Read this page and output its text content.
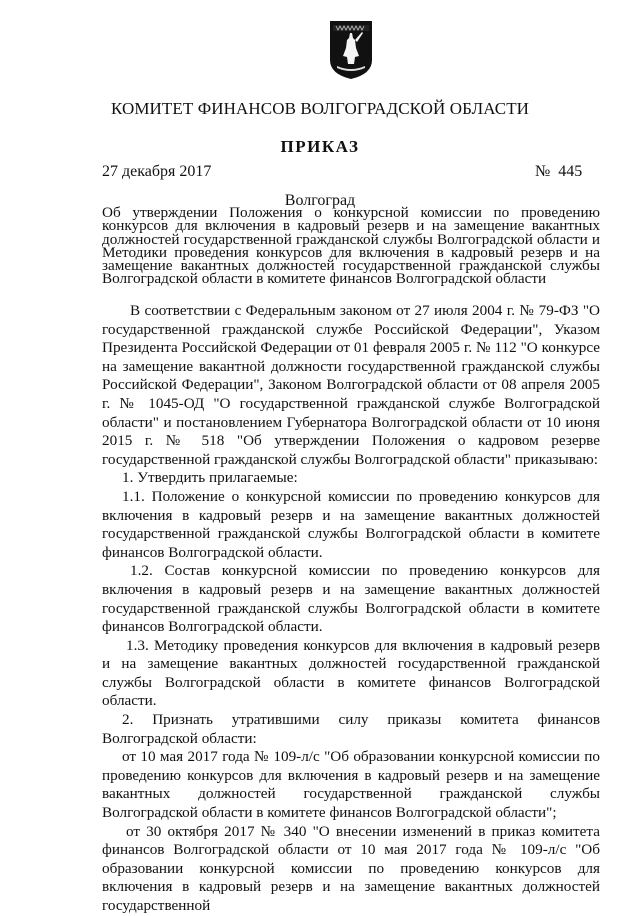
КОМИТЕТ ФИНАНСОВ ВОЛГОГРАДСКОЙ ОБЛАСТИ
ПРИКАЗ
27 декабря 2017	№  445
Волгоград
Об утверждении Положения о конкурсной комиссии по проведению конкурсов для включения в кадровый резерв и на замещение вакантных должностей государственной гражданской службы Волгоградской области и Методики проведения конкурсов для включения в кадровый резерв и на замещение вакантных должностей государственной гражданской службы Волгоградской области в комитете финансов Волгоградской области

В соответствии с Федеральным законом от 27 июля 2004 г. № 79-ФЗ "О государственной гражданской службе Российской Федерации", Указом Президента Российской Федерации от 01 февраля 2005 г. № 112 "О конкурсе на замещение вакантной должности государственной гражданской службы Российской Федерации", Законом Волгоградской области от 08 апреля 2005 г. № 1045-ОД "О государственной гражданской службе Волгоградской области" и постановлением Губернатора Волгоградской области от 10 июня 2015 г. № 518 "Об утверждении Положения о кадровом резерве государственной гражданской службы Волгоградской области" приказываю:

1. Утвердить прилагаемые:

1.1. Положение о конкурсной комиссии по проведению конкурсов для включения в кадровый резерв и на замещение вакантных должностей государственной гражданской службы Волгоградской области в комитете финансов Волгоградской области.

1.2. Состав конкурсной комиссии по проведению конкурсов для включения в кадровый резерв и на замещение вакантных должностей государственной гражданской службы Волгоградской области в комитете финансов Волгоградской области.

1.3. Методику проведения конкурсов для включения в кадровый резерв и на замещение вакантных должностей государственной гражданской службы Волгоградской области в комитете финансов Волгоградской области.

2. Признать утратившими силу приказы комитета финансов Волгоградской области:

от 10 мая 2017 года № 109-л/с "Об образовании конкурсной комиссии по проведению конкурсов для включения в кадровый резерв и на замещение вакантных должностей государственной гражданской службы Волгоградской области в комитете финансов Волгоградской области";

от 30 октября 2017 № 340 "О внесении изменений в приказ комитета финансов Волгоградской области от 10 мая 2017 года № 109-л/с "Об образовании конкурсной комиссии по проведению конкурсов для включения в кадровый резерв и на замещение вакантных должностей государственной
